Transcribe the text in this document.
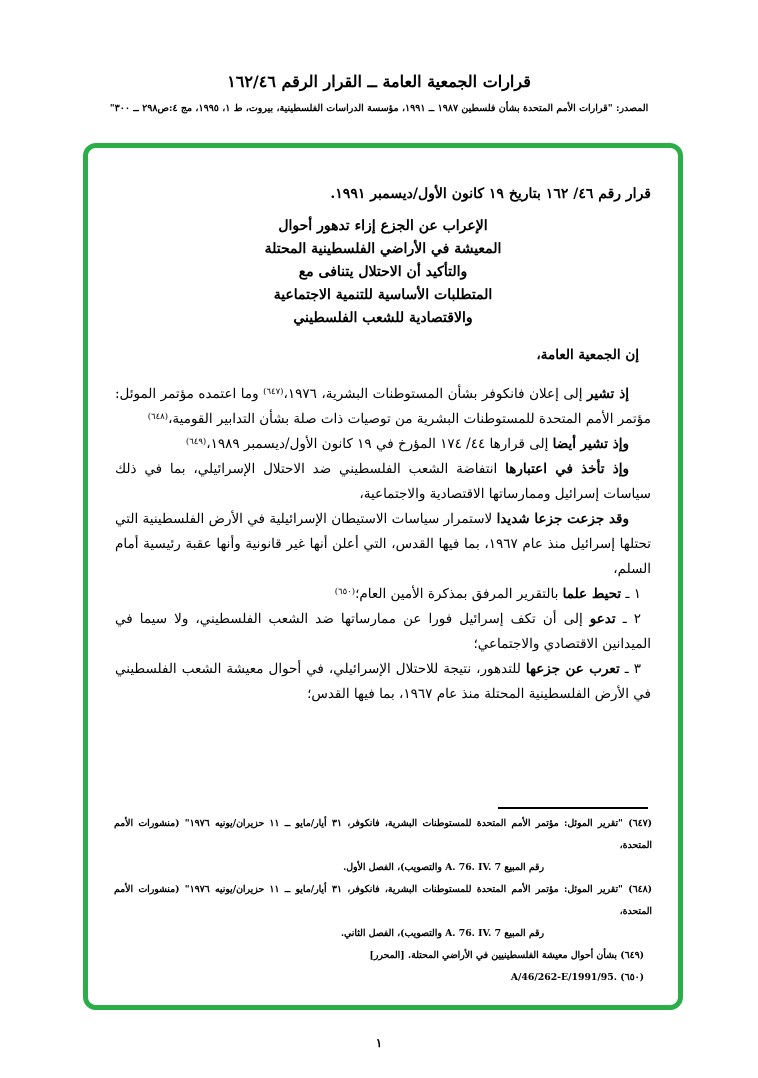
قرارات الجمعية العامة ــ القرار الرقم ١٦٢/٤٦
المصدر: "قرارات الأمم المتحدة بشأن فلسطين ١٩٨٧ ــ ١٩٩١، مؤسسة الدراسات الفلسطينية، بيروت، ط ١، ١٩٩٥، مج ٤:ص٢٩٨ ــ ٣٠٠"

قرار رقم ٤٦/ ١٦٢ بتاريخ ١٩ كانون الأول/ديسمبر ١٩٩١.

الإعراب عن الجزع إزاء تدهور أحوال
المعيشة في الأراضي الفلسطينية المحتلة
والتأكيد أن الاحتلال يتنافى مع
المتطلبات الأساسية للتنمية الاجتماعية
والاقتصادية للشعب الفلسطيني

إن الجمعية العامة،

إذ تشير إلى إعلان فانكوفر بشأن المستوطنات البشرية، ١٩٧٦،$^{(٦٤٧)}$ وما اعتمده مؤتمر الموئل: مؤتمر الأمم المتحدة للمستوطنات البشرية من توصيات ذات صلة بشأن التدابير القومية،$^{(٦٤٨)}$

وإذ تشير أيضا إلى قرارها ٤٤/ ١٧٤ المؤرخ في ١٩ كانون الأول/ديسمبر ١٩٨٩،$^{(٦٤٩)}$

وإذ تأخذ في اعتبارها انتفاضة الشعب الفلسطيني ضد الاحتلال الإسرائيلي، بما في ذلك سياسات إسرائيل وممارساتها الاقتصادية والاجتماعية،

وقد جزعت جزعا شديدا لاستمرار سياسات الاستيطان الإسرائيلية في الأرض الفلسطينية التي تحتلها إسرائيل منذ عام ١٩٦٧، بما فيها القدس، التي أعلن أنها غير قانونية وأنها عقبة رئيسية أمام السلم،

١ ـ تحيط علما بالتقرير المرفق بمذكرة الأمين العام؛$^{(٦٥٠)}$

٢ ـ تدعو إلى أن تكف إسرائيل فورا عن ممارساتها ضد الشعب الفلسطيني، ولا سيما في الميدانين الاقتصادي والاجتماعي؛

٣ ـ تعرب عن جزعها للتدهور، نتيجة للاحتلال الإسرائيلي، في أحوال معيشة الشعب الفلسطيني في الأرض الفلسطينية المحتلة منذ عام ١٩٦٧، بما فيها القدس؛

(٦٤٧) "تقرير الموئل: مؤتمر الأمم المتحدة للمستوطنات البشرية، فانكوفر، ٣١ أيار/مايو ــ ١١ حزيران/يونيه ١٩٧٦" (منشورات الأمم المتحدة،
رقم المبيع A. 76. IV. 7 والتصويب)، الفصل الأول.
(٦٤٨) "تقرير الموئل: مؤتمر الأمم المتحدة للمستوطنات البشرية، فانكوفر، ٣١ أيار/مايو ــ ١١ حزيران/يونيه ١٩٧٦" (منشورات الأمم المتحدة،
رقم المبيع A. 76. IV. 7 والتصويب)، الفصل الثاني.
(٦٤٩) بشأن أحوال معيشة الفلسطينيين في الأراضي المحتلة. [المحرر]
(٦٥٠) A/46/262-E/1991/95.
١
